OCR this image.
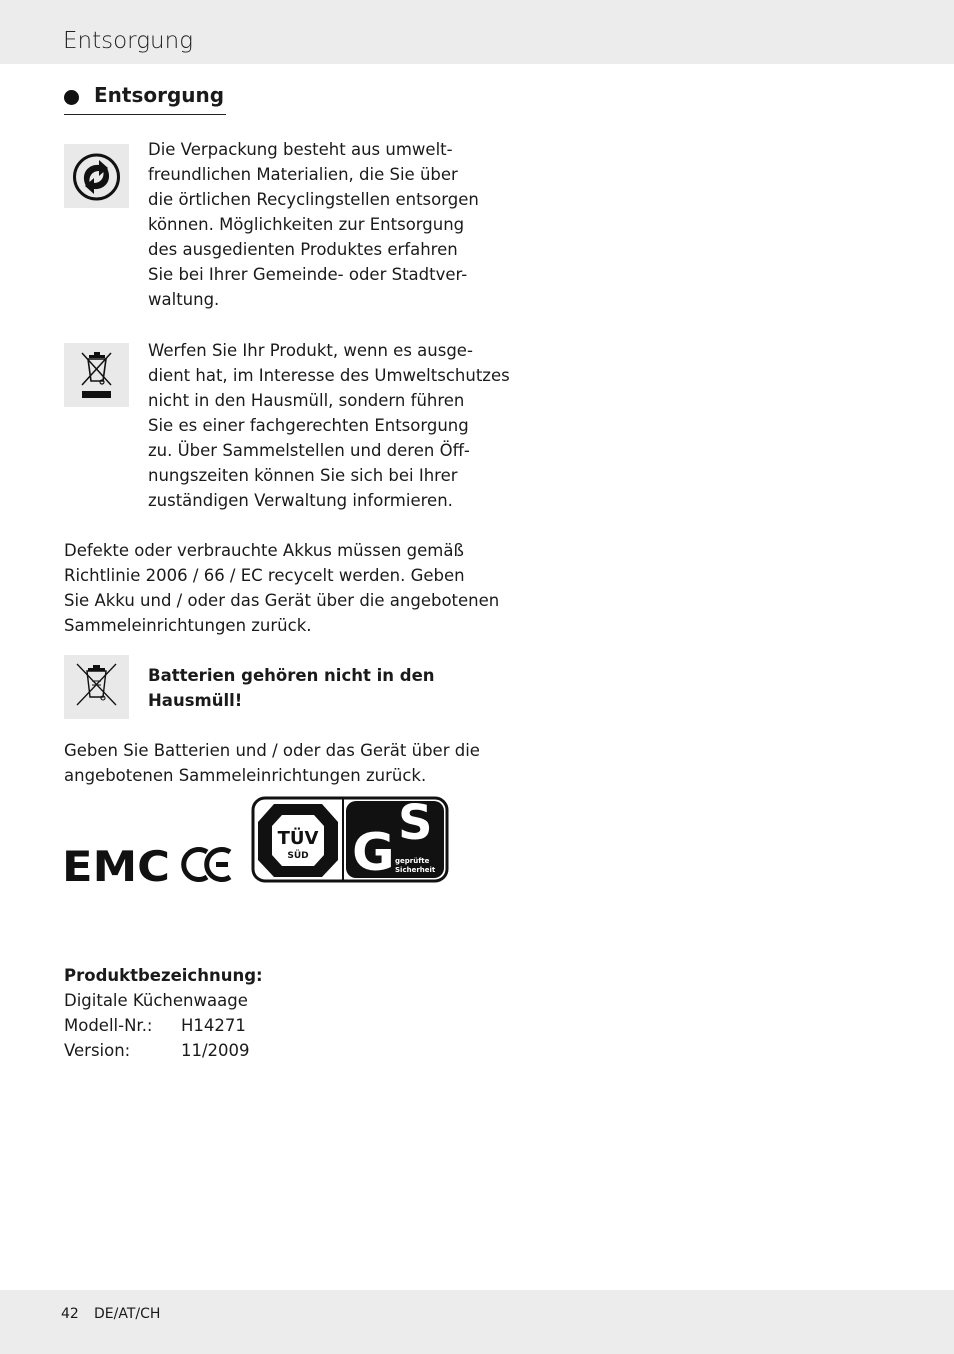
Entsorgung
Entsorgung
Die Verpackung besteht aus umwelt-
freundlichen Materialien, die Sie über
die örtlichen Recyclingstellen entsorgen
können. Möglichkeiten zur Entsorgung
des ausgedienten Produktes erfahren
Sie bei Ihrer Gemeinde- oder Stadtver-
waltung.
Werfen Sie Ihr Produkt, wenn es ausge-
dient hat, im Interesse des Umweltschutzes
nicht in den Hausmüll, sondern führen
Sie es einer fachgerechten Entsorgung
zu. Über Sammelstellen und deren Öff-
nungszeiten können Sie sich bei Ihrer
zuständigen Verwaltung informieren.
Defekte oder verbrauchte Akkus müssen gemäß
Richtlinie 2006 / 66 / EC recycelt werden. Geben
Sie Akku und / oder das Gerät über die angebotenen
Sammeleinrichtungen zurück.
Batterien gehören nicht in den
Hausmüll!
Geben Sie Batterien und / oder das Gerät über die
angebotenen Sammeleinrichtungen zurück.
EMC
TÜV
SÜD G S
geprüfte
Sicherheit
Produktbezeichnung:
Digitale Küchenwaage
Modell-Nr.:	H14271
Version:	11/2009
42 DE/AT/CH
